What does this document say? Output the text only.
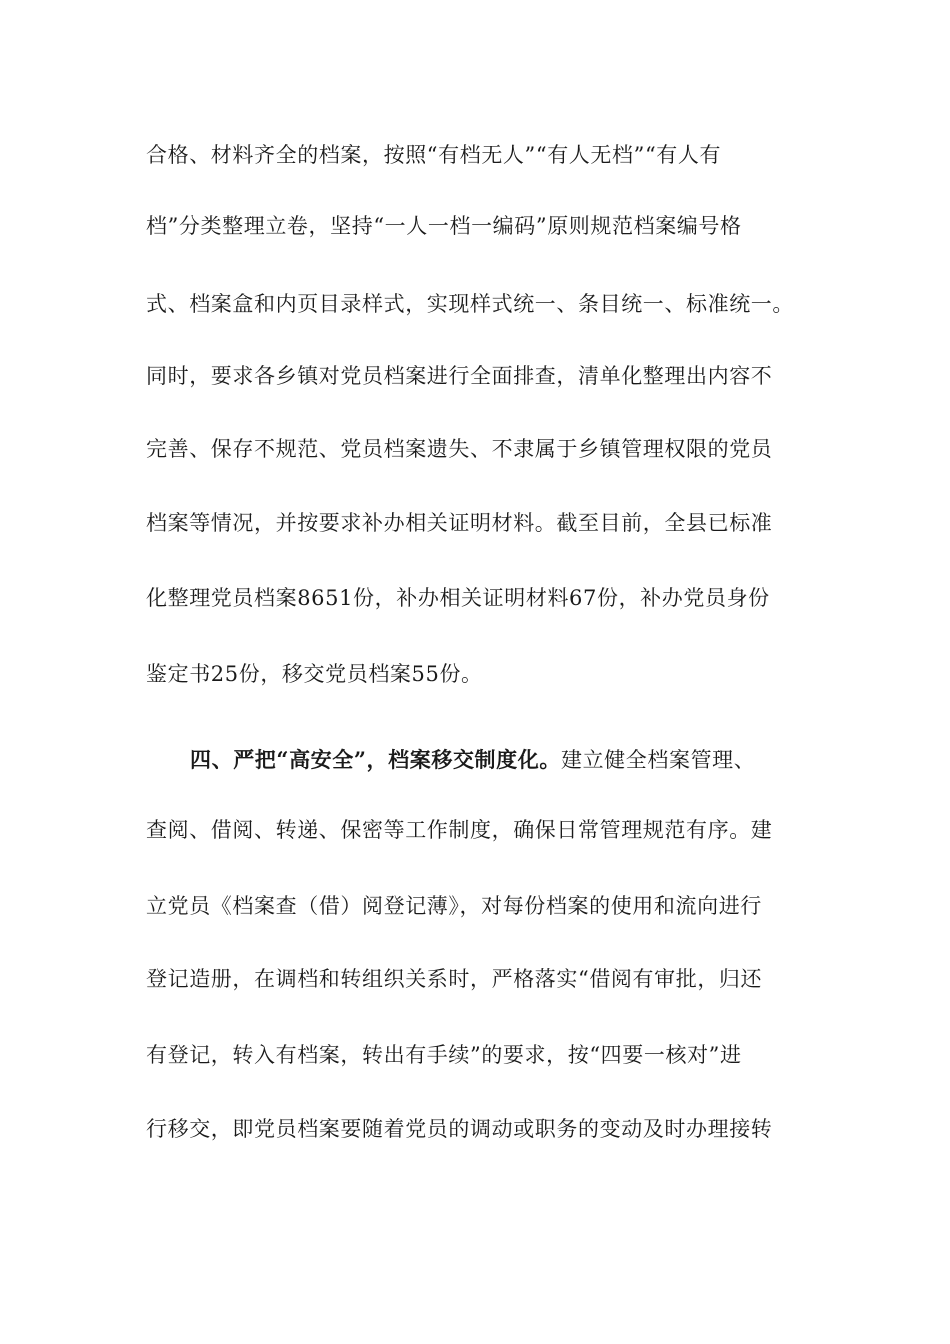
合格、材料齐全的档案，按照“有档无人”“有人无档”“有人有

档”分类整理立卷，坚持“一人一档一编码”原则规范档案编号格

式、档案盒和内页目录样式，实现样式统一、条目统一、标准统一。

同时，要求各乡镇对党员档案进行全面排查，清单化整理出内容不

完善、保存不规范、党员档案遗失、不隶属于乡镇管理权限的党员

档案等情况，并按要求补办相关证明材料。截至目前，全县已标准

化整理党员档案8651份，补办相关证明材料67份，补办党员身份

鉴定书25份，移交党员档案55份。

四、严把“高安全”，档案移交制度化。建立健全档案管理、

查阅、借阅、转递、保密等工作制度，确保日常管理规范有序。建

立党员《档案查（借）阅登记薄》，对每份档案的使用和流向进行

登记造册，在调档和转组织关系时，严格落实“借阅有审批，归还

有登记，转入有档案，转出有手续”的要求，按“四要一核对”进

行移交，即党员档案要随着党员的调动或职务的变动及时办理接转
